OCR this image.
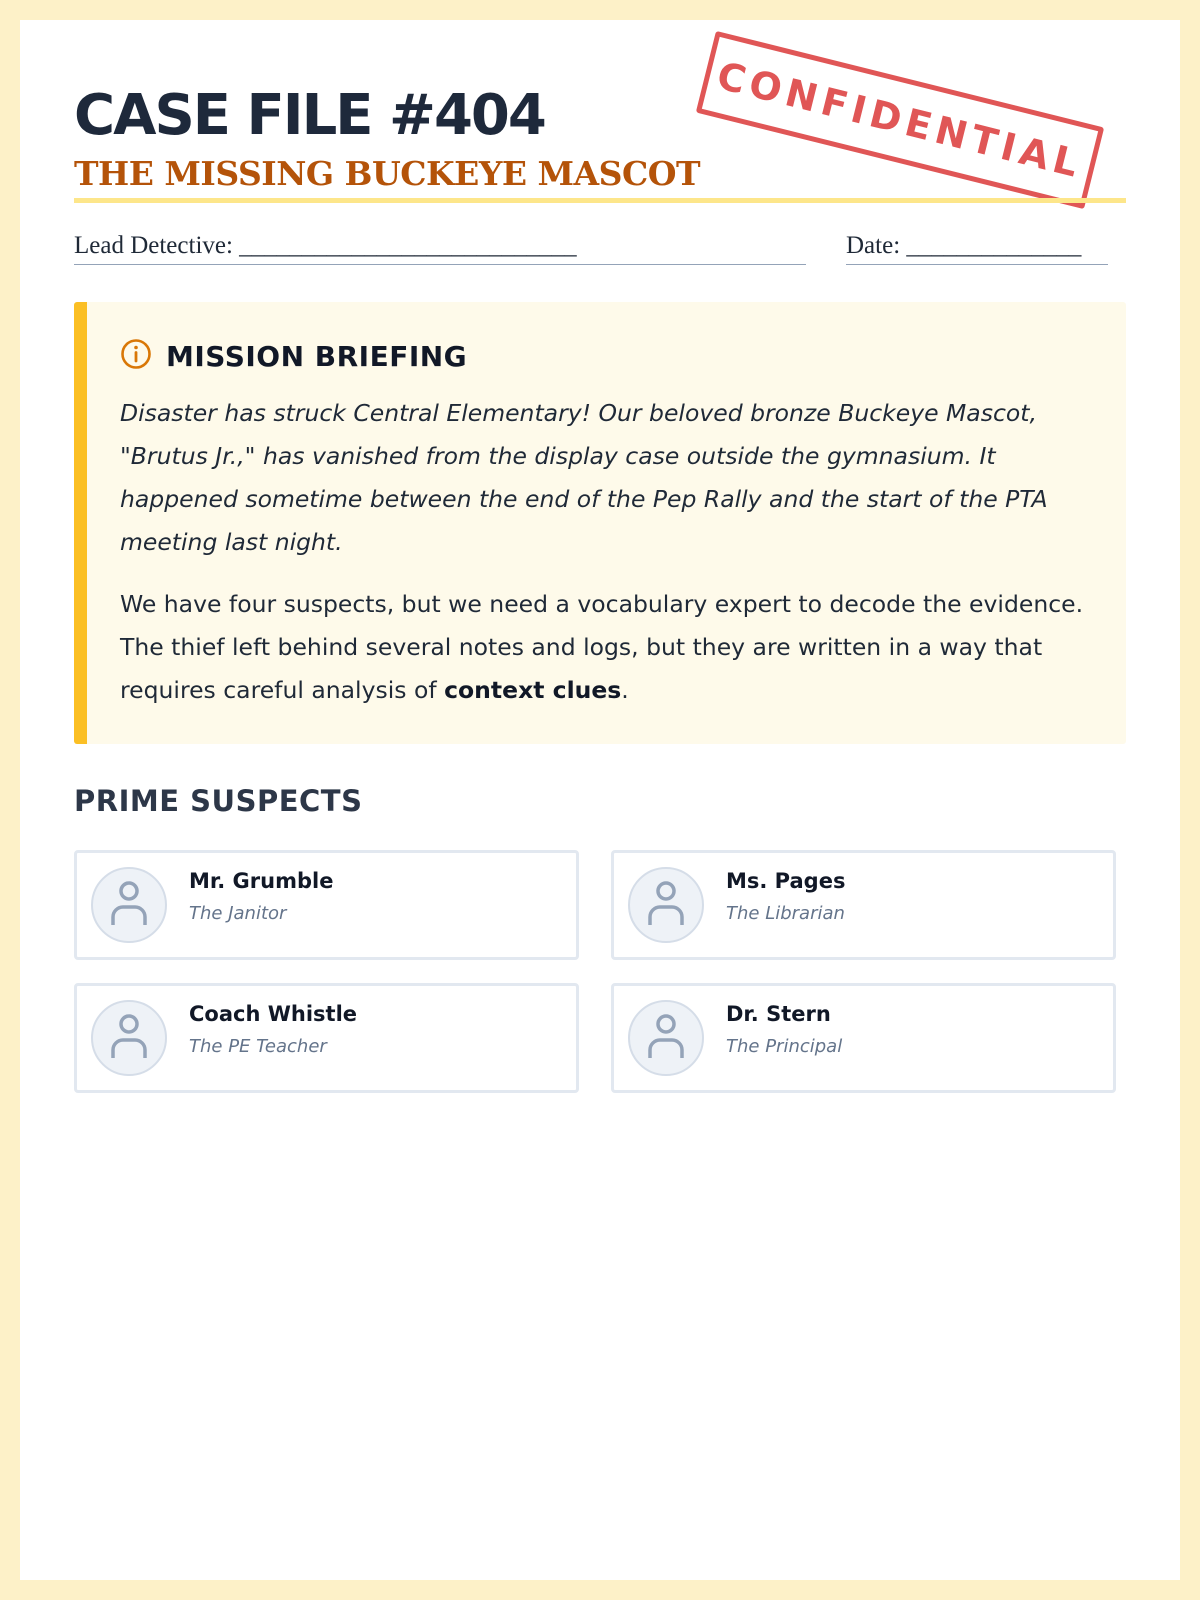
CASE FILE #404

THE MISSING BUCKEYE MASCOT CONFIDENTIAL
Lead Detective: ___________________________	Date: ______________
MISSION BRIEFING

Disaster has struck Central Elementary! Our beloved bronze Buckeye Mascot, "Brutus Jr.," has vanished from the display case outside the gymnasium. It happened sometime between the end of the Pep Rally and the start of the PTA meeting last night.

We have four suspects, but we need a vocabulary expert to decode the evidence. The thief left behind several notes and logs, but they are written in a way that requires careful analysis of context clues.

PRIME SUSPECTS
Mr. Grumble
The Janitor
Ms. Pages
The Librarian
Coach Whistle
The PE Teacher
Dr. Stern
The Principal
